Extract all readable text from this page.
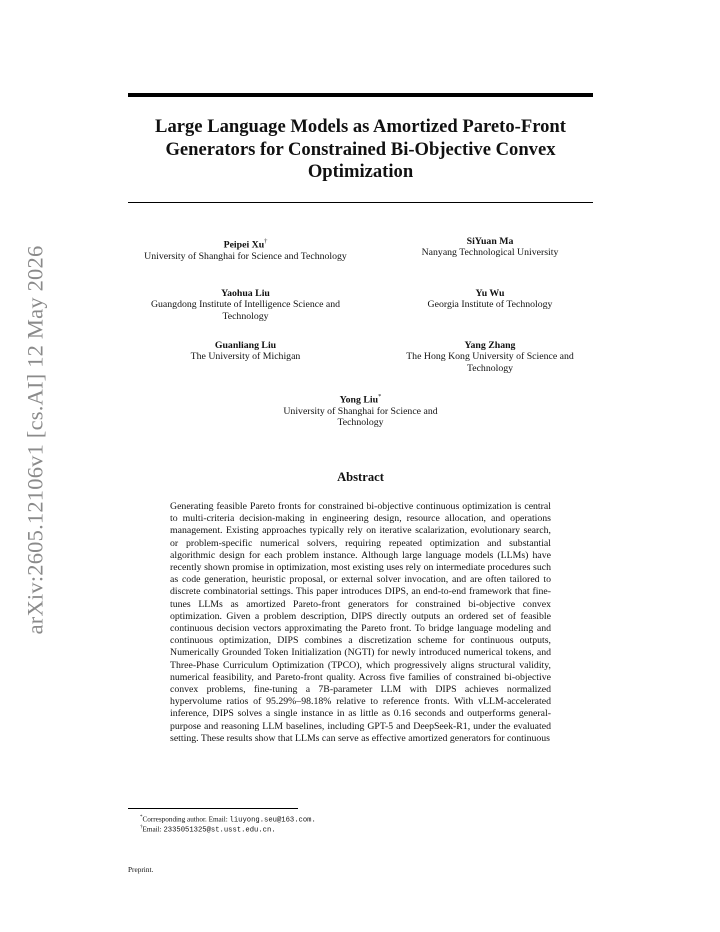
arXiv:2605.12106v1 [cs.AI] 12 May 2026
Large Language Models as Amortized Pareto-Front Generators for Constrained Bi-Objective Convex Optimization
Peipei Xu†
University of Shanghai for Science and Technology
SiYuan Ma
Nanyang Technological University
Yaohua Liu
Guangdong Institute of Intelligence Science and Technology
Yu Wu
Georgia Institute of Technology
Guanliang Liu
The University of Michigan
Yang Zhang
The Hong Kong University of Science and Technology
Yong Liu*
University of Shanghai for Science and Technology
Abstract

Generating feasible Pareto fronts for constrained bi-objective continuous optimization is central to multi-criteria decision-making in engineering design, resource allocation, and operations management. Existing approaches typically rely on iterative scalarization, evolutionary search, or problem-specific numerical solvers, requiring repeated optimization and substantial algorithmic design for each problem instance. Although large language models (LLMs) have recently shown promise in optimization, most existing uses rely on intermediate procedures such as code generation, heuristic proposal, or external solver invocation, and are often tailored to discrete combinatorial settings. This paper introduces DIPS, an end-to-end framework that fine-tunes LLMs as amortized Pareto-front generators for constrained bi-objective convex optimization. Given a problem description, DIPS directly outputs an ordered set of feasible continuous decision vectors approximating the Pareto front. To bridge language modeling and continuous optimization, DIPS combines a discretization scheme for continuous outputs, Numerically Grounded Token Initialization (NGTI) for newly introduced numerical tokens, and Three-Phase Curriculum Optimization (TPCO), which progressively aligns structural validity, numerical feasibility, and Pareto-front quality. Across five families of constrained bi-objective convex problems, fine-tuning a 7B-parameter LLM with DIPS achieves normalized hypervolume ratios of 95.29%–98.18% relative to reference fronts. With vLLM-accelerated inference, DIPS solves a single instance in as little as 0.16 seconds and outperforms general-purpose and reasoning LLM baselines, including GPT-5 and DeepSeek-R1, under the evaluated setting. These results show that LLMs can serve as effective amortized generators for continuous

*Corresponding author. Email: liuyong.seu@163.com.
†Email: 2335051325@st.usst.edu.cn.
Preprint.
